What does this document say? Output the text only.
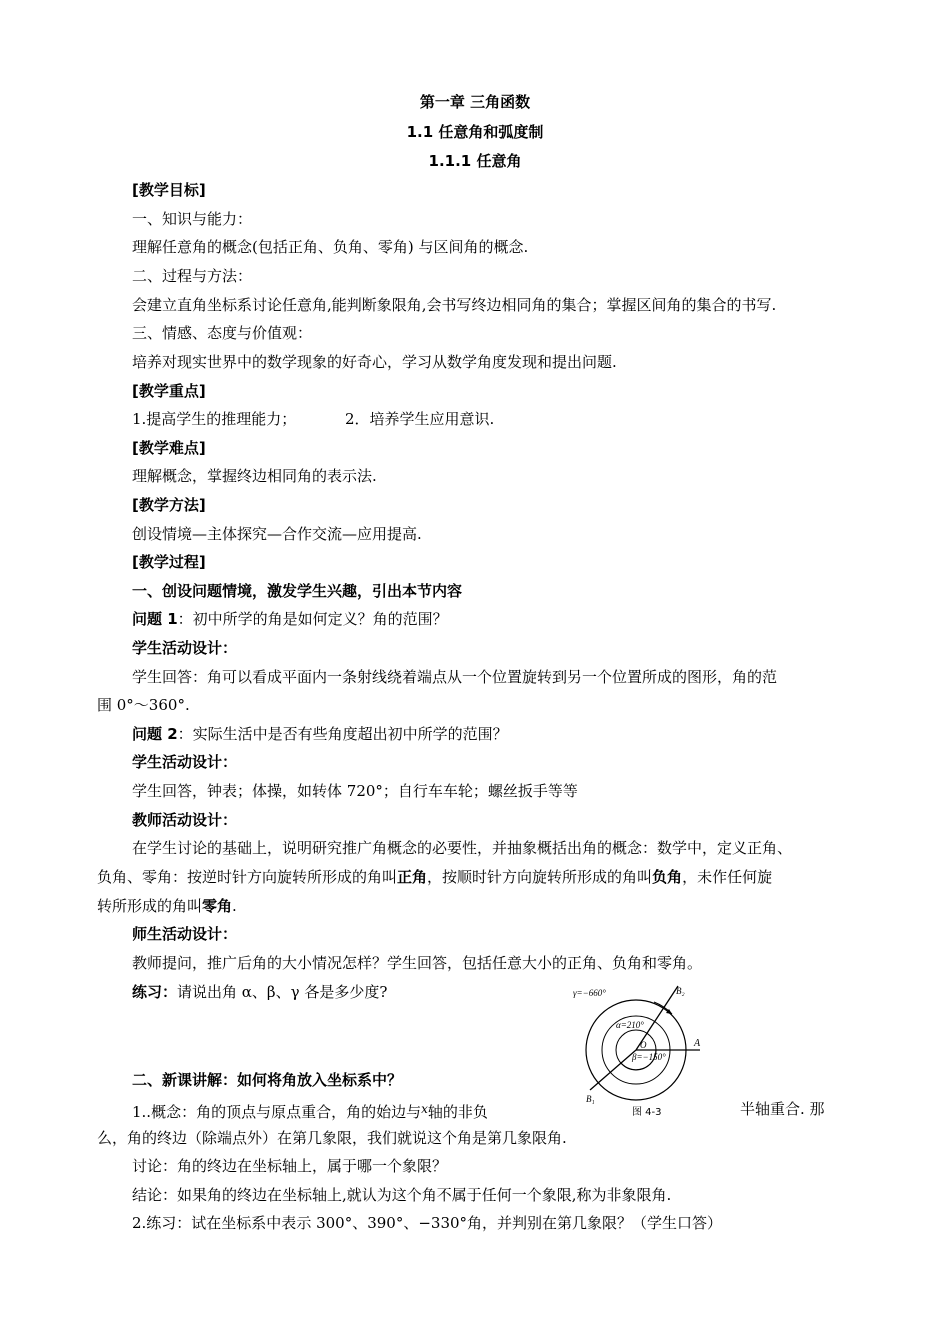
第一章 三角函数
1.1 任意角和弧度制
1.1.1 任意角
[教学目标]
一、知识与能力：
理解任意角的概念(包括正角、负角、零角) 与区间角的概念.
二、过程与方法：
会建立直角坐标系讨论任意角,能判断象限角,会书写终边相同角的集合；掌握区间角的集合的书写.
三、情感、态度与价值观：
培养对现实世界中的数学现象的好奇心，学习从数学角度发现和提出问题.
[教学重点]
1.提高学生的推理能力；	2．培养学生应用意识.
[教学难点]
理解概念，掌握终边相同角的表示法.
[教学方法]
创设情境—主体探究—合作交流—应用提高.
[教学过程]
一、创设问题情境，激发学生兴趣，引出本节内容
问题 1：初中所学的角是如何定义？角的范围？
学生活动设计：
学生回答：角可以看成平面内一条射线绕着端点从一个位置旋转到另一个位置所成的图形，角的范
围 0°～360°.
问题 2：实际生活中是否有些角度超出初中所学的范围？
学生活动设计：
学生回答，钟表；体操，如转体 720°；自行车车轮；螺丝扳手等等
教师活动设计：
在学生讨论的基础上，说明研究推广角概念的必要性，并抽象概括出角的概念：数学中，定义正角、
负角、零角：按逆时针方向旋转所形成的角叫正角，按顺时针方向旋转所形成的角叫负角，未作任何旋
转所形成的角叫零角.
师生活动设计：
教师提问，推广后角的大小情况怎样？学生回答，包括任意大小的正角、负角和零角。
练习：请说出角 α、β、γ 各是多少度?	γ=−660°
α=210°
β=−150°
O	A
B₁
B₂
图 4-3
二、新课讲解：如何将角放入坐标系中？
1..概念：角的顶点与原点重合，角的始边与$^x$轴的非负	半轴重合. 那
么，角的终边（除端点外）在第几象限，我们就说这个角是第几象限角.
讨论：角的终边在坐标轴上，属于哪一个象限？
结论：如果角的终边在坐标轴上,就认为这个角不属于任何一个象限,称为非象限角.
2.练习：试在坐标系中表示 300°、390°、−330°角，并判别在第几象限？（学生口答）
